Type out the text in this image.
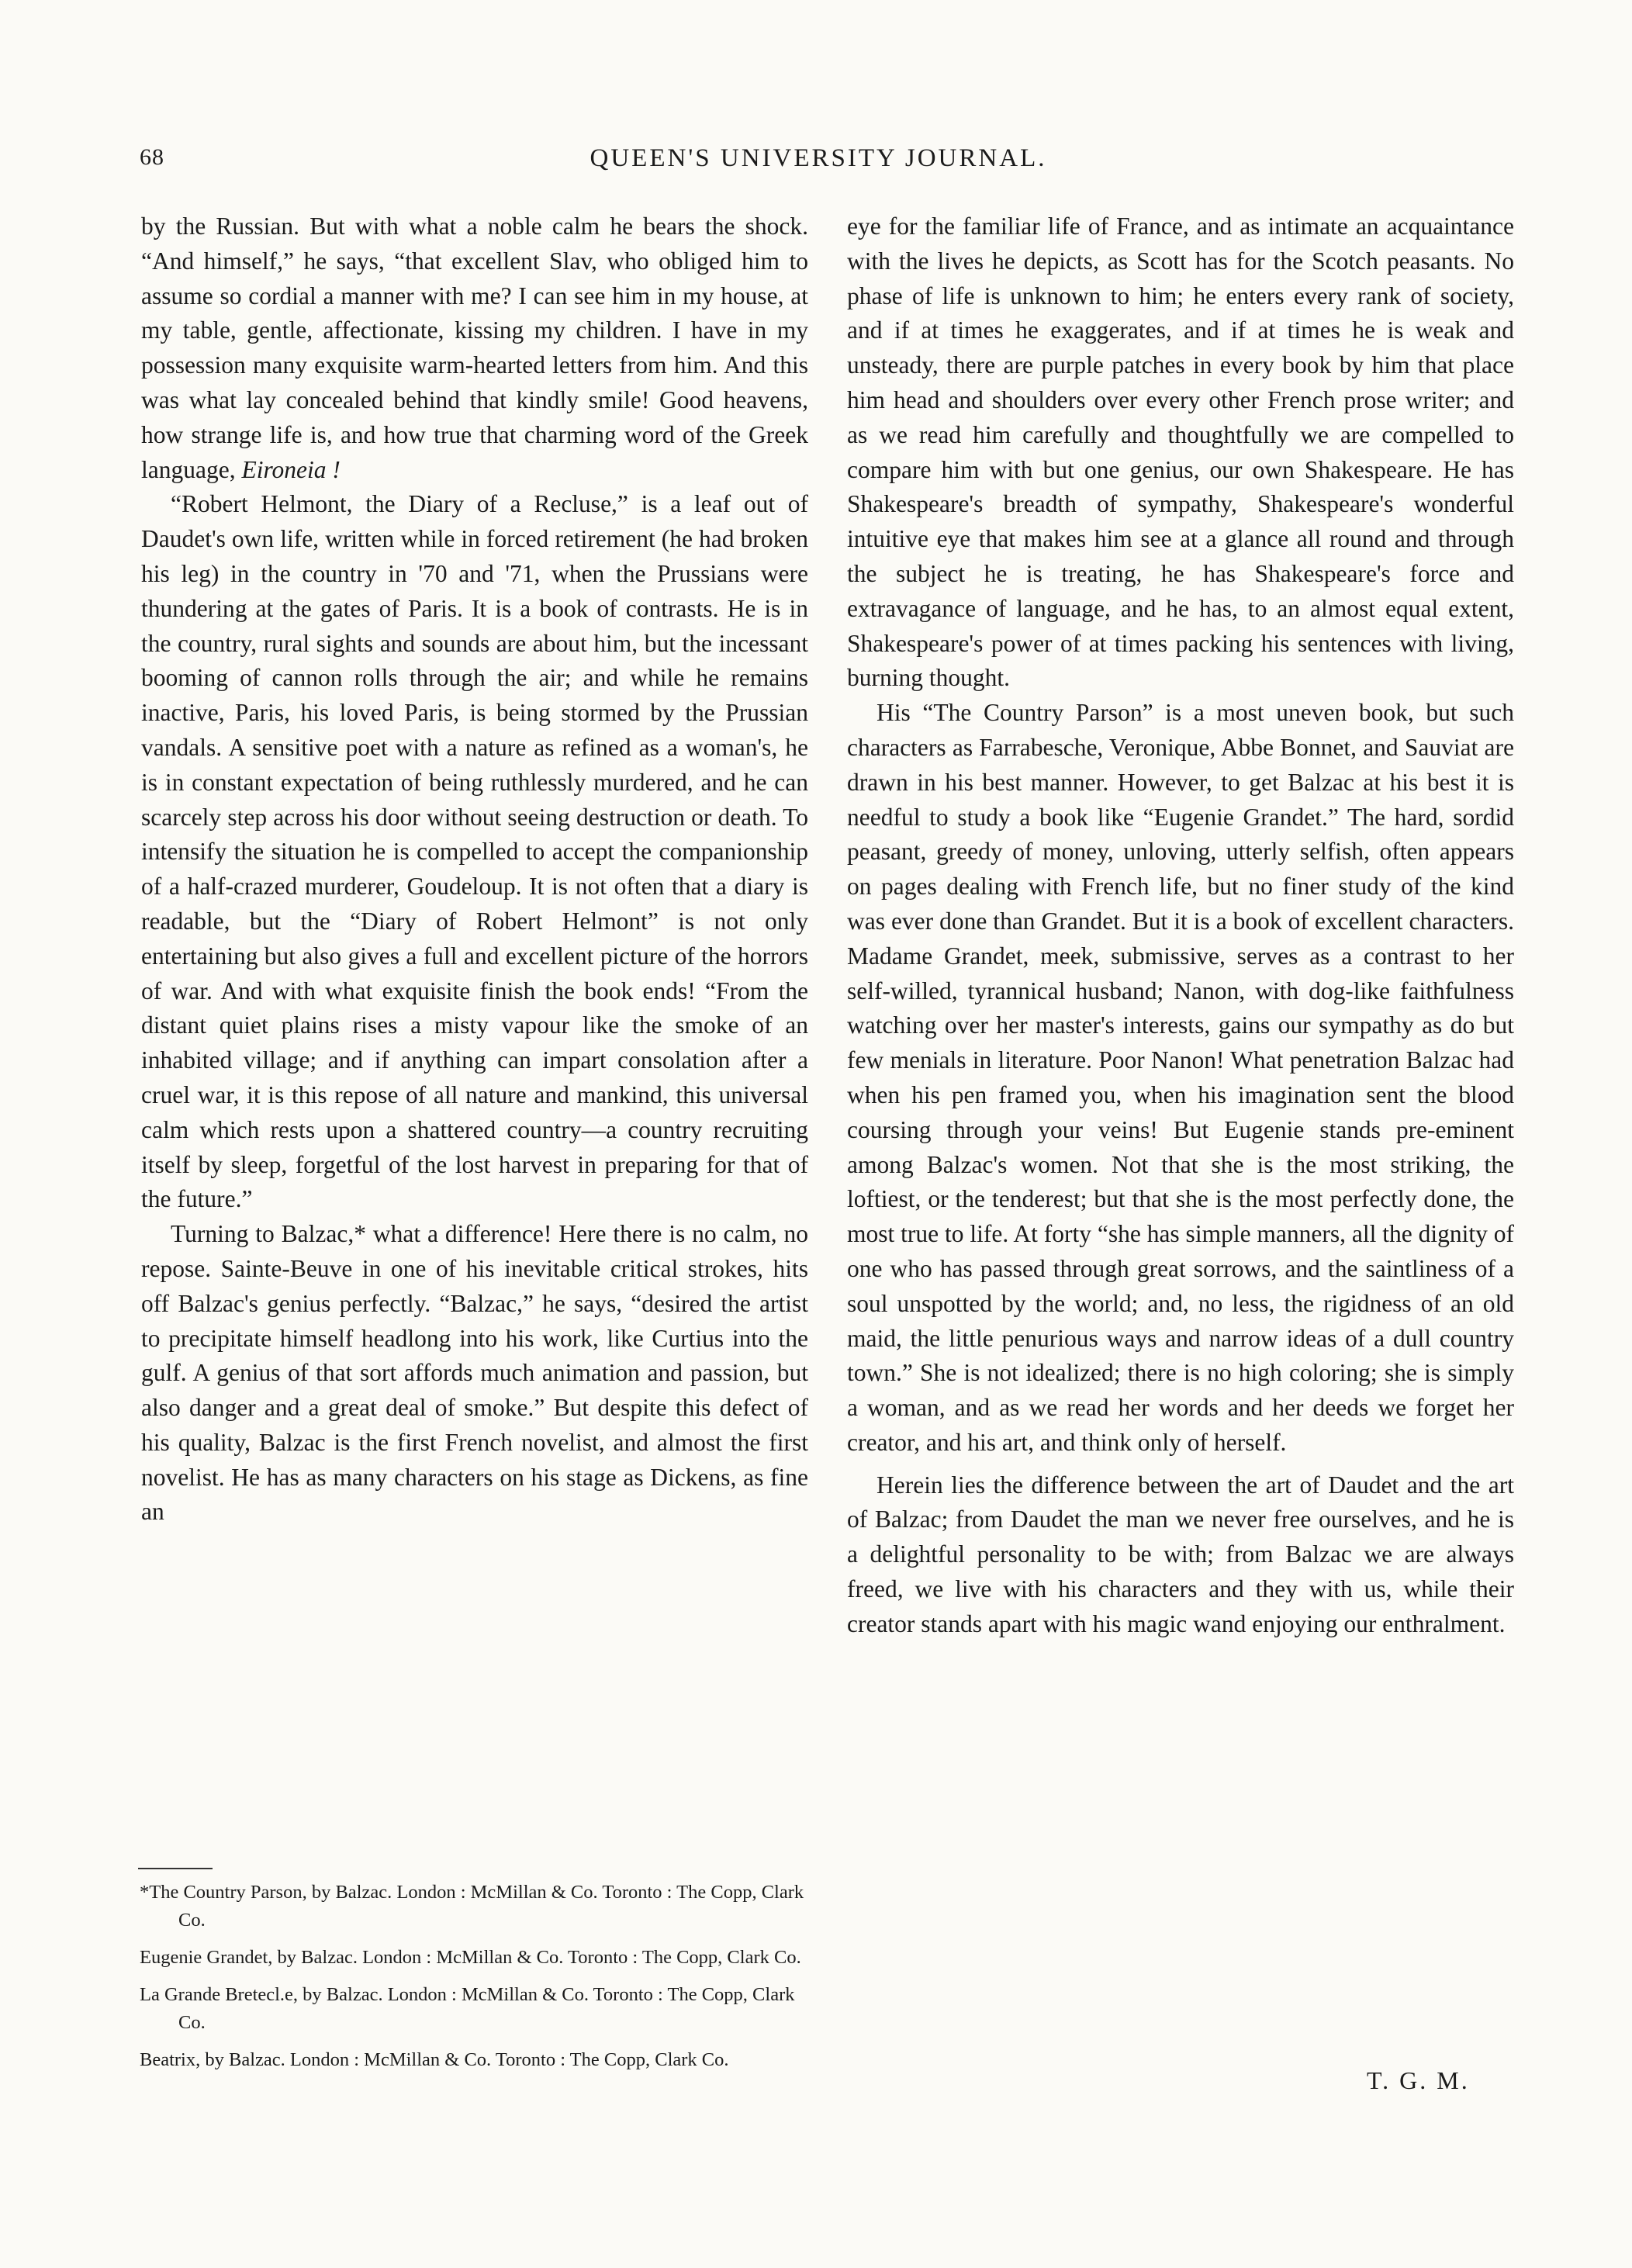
QUEEN'S UNIVERSITY JOURNAL.
68

by the Russian. But with what a noble calm he bears the shock. “And himself,” he says, “that excellent Slav, who obliged him to assume so cordial a manner with me? I can see him in my house, at my table, gentle, affectionate, kissing my children. I have in my possession many exquisite warm-hearted letters from him. And this was what lay concealed behind that kindly smile! Good heavens, how strange life is, and how true that charming word of the Greek language, Eironeia !

“Robert Helmont, the Diary of a Recluse,” is a leaf out of Daudet's own life, written while in forced retirement (he had broken his leg) in the country in '70 and '71, when the Prussians were thundering at the gates of Paris. It is a book of contrasts. He is in the country, rural sights and sounds are about him, but the incessant booming of cannon rolls through the air; and while he remains inactive, Paris, his loved Paris, is being stormed by the Prussian vandals. A sensitive poet with a nature as refined as a woman's, he is in constant expectation of being ruthlessly murdered, and he can scarcely step across his door without seeing destruction or death. To intensify the situation he is compelled to accept the companionship of a half-crazed murderer, Goudeloup. It is not often that a diary is readable, but the “Diary of Robert Helmont” is not only entertaining but also gives a full and excellent picture of the horrors of war. And with what exquisite finish the book ends! “From the distant quiet plains rises a misty vapour like the smoke of an inhabited village; and if anything can impart consolation after a cruel war, it is this repose of all nature and mankind, this universal calm which rests upon a shattered country—a country recruiting itself by sleep, forgetful of the lost harvest in preparing for that of the future.”

Turning to Balzac,* what a difference! Here there is no calm, no repose. Sainte-Beuve in one of his inevitable critical strokes, hits off Balzac's genius perfectly. “Balzac,” he says, “desired the artist to precipitate himself headlong into his work, like Curtius into the gulf. A genius of that sort affords much animation and passion, but also danger and a great deal of smoke.” But despite this defect of his quality, Balzac is the first French novelist, and almost the first novelist. He has as many characters on his stage as Dickens, as fine an

eye for the familiar life of France, and as intimate an acquaintance with the lives he depicts, as Scott has for the Scotch peasants. No phase of life is unknown to him; he enters every rank of society, and if at times he exaggerates, and if at times he is weak and unsteady, there are purple patches in every book by him that place him head and shoulders over every other French prose writer; and as we read him carefully and thoughtfully we are compelled to compare him with but one genius, our own Shakespeare. He has Shakespeare's breadth of sympathy, Shakespeare's wonderful intuitive eye that makes him see at a glance all round and through the subject he is treating, he has Shakespeare's force and extravagance of language, and he has, to an almost equal extent, Shakespeare's power of at times packing his sentences with living, burning thought.

His “The Country Parson” is a most uneven book, but such characters as Farrabesche, Veronique, Abbe Bonnet, and Sauviat are drawn in his best manner. However, to get Balzac at his best it is needful to study a book like “Eugenie Grandet.” The hard, sordid peasant, greedy of money, unloving, utterly selfish, often appears on pages dealing with French life, but no finer study of the kind was ever done than Grandet. But it is a book of excellent characters. Madame Grandet, meek, submissive, serves as a contrast to her self-willed, tyrannical husband; Nanon, with dog-like faithfulness watching over her master's interests, gains our sympathy as do but few menials in literature. Poor Nanon! What penetration Balzac had when his pen framed you, when his imagination sent the blood coursing through your veins! But Eugenie stands pre-eminent among Balzac's women. Not that she is the most striking, the loftiest, or the tenderest; but that she is the most perfectly done, the most true to life. At forty “she has simple manners, all the dignity of one who has passed through great sorrows, and the saintliness of a soul unspotted by the world; and, no less, the rigidness of an old maid, the little penurious ways and narrow ideas of a dull country town.” She is not idealized; there is no high coloring; she is simply a woman, and as we read her words and her deeds we forget her creator, and his art, and think only of herself.

Herein lies the difference between the art of Daudet and the art of Balzac; from Daudet the man we never free ourselves, and he is a delightful personality to be with; from Balzac we are always freed, we live with his characters and they with us, while their creator stands apart with his magic wand enjoying our enthralment.

T. G. M.

*The Country Parson, by Balzac. London : McMillan & Co. Toronto : The Copp, Clark Co.

Eugenie Grandet, by Balzac. London : McMillan & Co. Toronto : The Copp, Clark Co.

La Grande Bretecl.e, by Balzac. London : McMillan & Co. Toronto : The Copp, Clark Co.

Beatrix, by Balzac. London : McMillan & Co. Toronto : The Copp, Clark Co.
